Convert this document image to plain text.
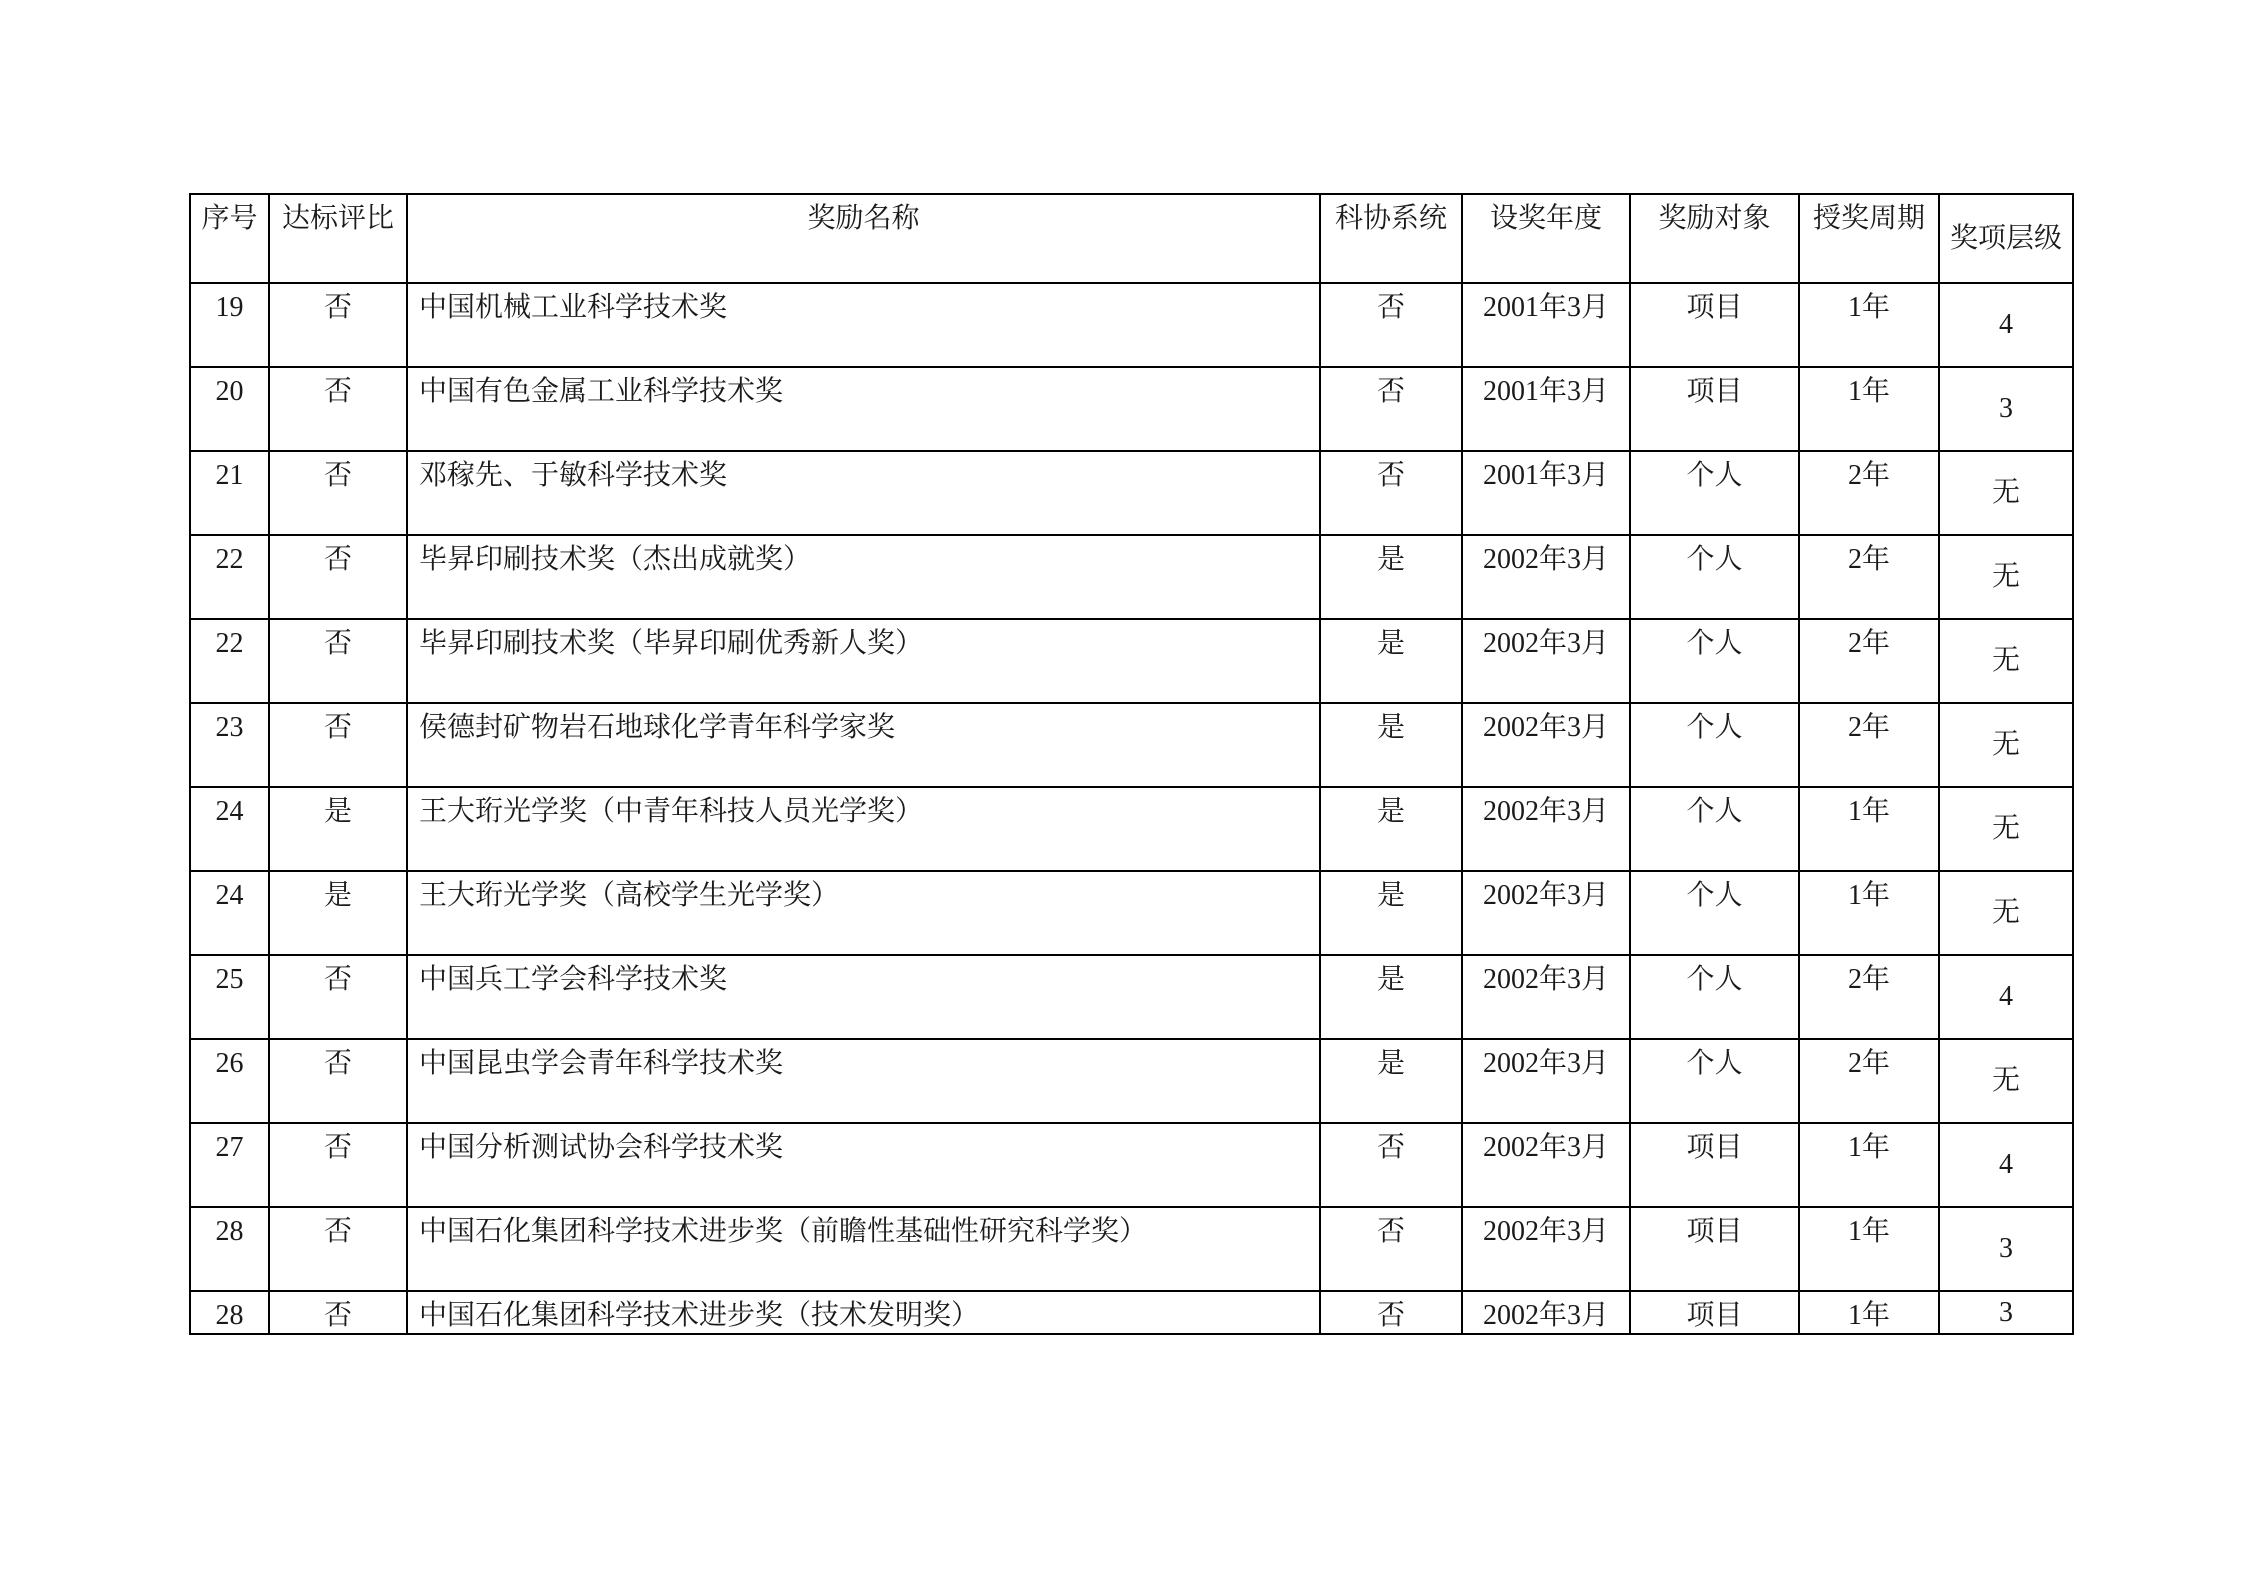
序号	达标评比	奖励名称	科协系统	设奖年度	奖励对象	授奖周期	奖项层级
19	否	中国机械工业科学技术奖	否	2001年3月	项目	1年	4
20	否	中国有色金属工业科学技术奖	否	2001年3月	项目	1年	3
21	否	邓稼先、于敏科学技术奖	否	2001年3月	个人	2年	无
22	否	毕昇印刷技术奖（杰出成就奖）	是	2002年3月	个人	2年	无
22	否	毕昇印刷技术奖（毕昇印刷优秀新人奖）	是	2002年3月	个人	2年	无
23	否	侯德封矿物岩石地球化学青年科学家奖	是	2002年3月	个人	2年	无
24	是	王大珩光学奖（中青年科技人员光学奖）	是	2002年3月	个人	1年	无
24	是	王大珩光学奖（高校学生光学奖）	是	2002年3月	个人	1年	无
25	否	中国兵工学会科学技术奖	是	2002年3月	个人	2年	4
26	否	中国昆虫学会青年科学技术奖	是	2002年3月	个人	2年	无
27	否	中国分析测试协会科学技术奖	否	2002年3月	项目	1年	4
28	否	中国石化集团科学技术进步奖（前瞻性基础性研究科学奖）	否	2002年3月	项目	1年	3
28	否	中国石化集团科学技术进步奖（技术发明奖）	否	2002年3月	项目	1年	3
